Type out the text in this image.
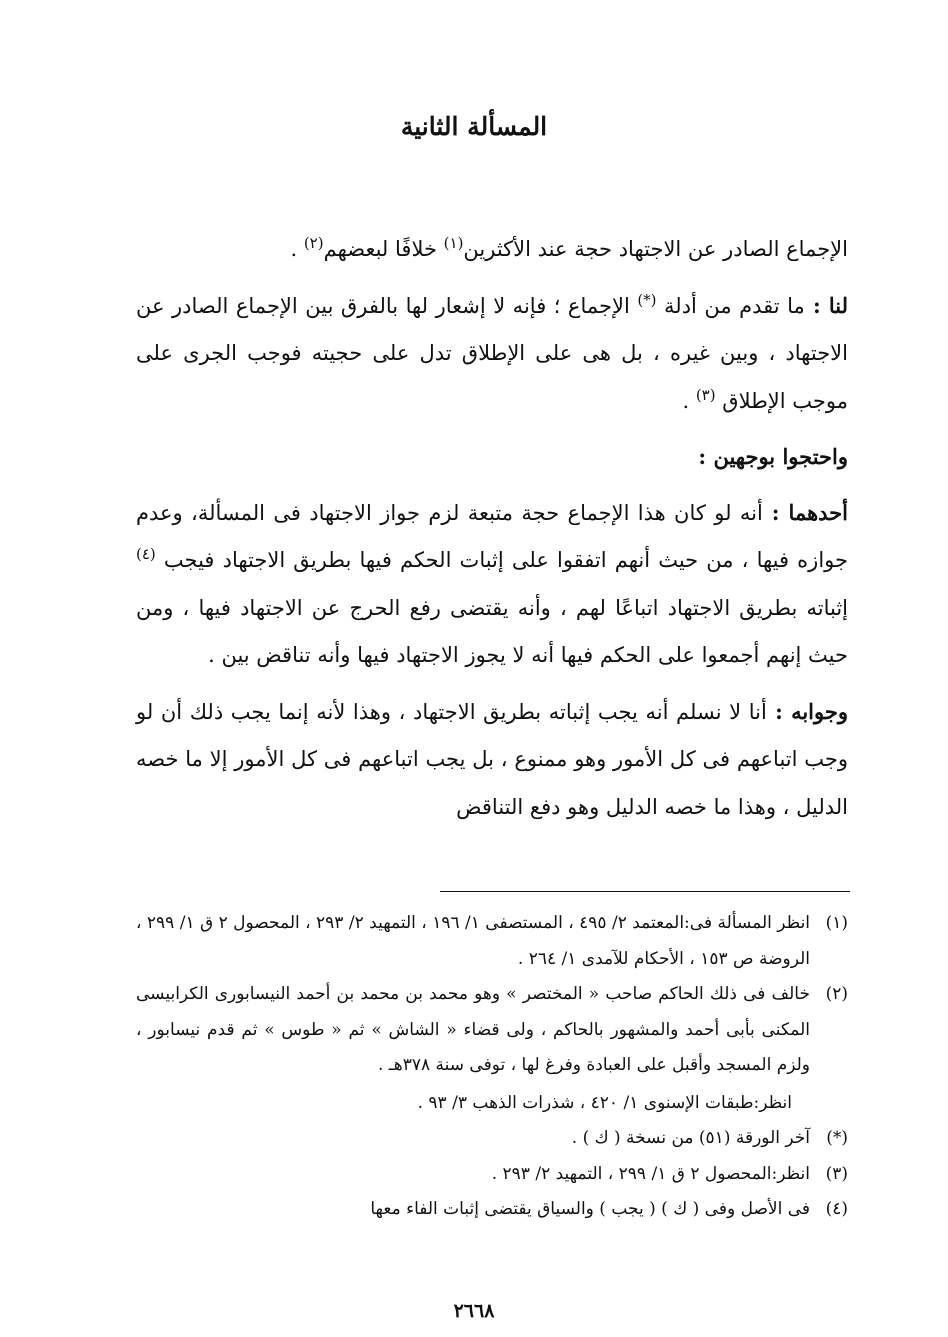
المسألة الثانية

الإجماع الصادر عن الاجتهاد حجة عند الأكثرين$^{(١)}$ خلافًا لبعضهم$^{(٢)}$ .

لنا : ما تقدم من أدلة (*) الإجماع ؛ فإنه لا إشعار لها بالفرق بين الإجماع الصادر عن الاجتهاد ، وبين غيره ، بل هى على الإطلاق تدل على حجيته فوجب الجرى على موجب الإطلاق $^{(٣)}$ .

واحتجوا بوجهين :

أحدهما : أنه لو كان هذا الإجماع حجة متبعة لزم جواز الاجتهاد فى المسألة، وعدم جوازه فيها ، من حيث أنهم اتفقوا على إثبات الحكم فيها بطريق الاجتهاد فيجب $^{(٤)}$ إثباته بطريق الاجتهاد اتباعًا لهم ، وأنه يقتضى رفع الحرج عن الاجتهاد فيها ، ومن حيث إنهم أجمعوا على الحكم فيها أنه لا يجوز الاجتهاد فيها وأنه تناقض بين .

وجوابه : أنا لا نسلم أنه يجب إثباته بطريق الاجتهاد ، وهذا لأنه إنما يجب ذلك أن لو وجب اتباعهم فى كل الأمور وهو ممنوع ، بل يجب اتباعهم فى كل الأمور إلا ما خصه الدليل ، وهذا ما خصه الدليل وهو دفع التناقض

(١)
انظر المسألة فى:المعتمد ٢/ ٤٩٥ ، المستصفى ١/ ١٩٦ ، التمهيد ٢/ ٢٩٣ ، المحصول ٢ ق ١/ ٢٩٩ ، الروضة ص ١٥٣ ، الأحكام للآمدى ١/ ٢٦٤ .
(٢)
خالف فى ذلك الحاكم صاحب « المختصر » وهو محمد بن محمد بن أحمد النيسابورى الكرابيسى المكنى بأبى أحمد والمشهور بالحاكم ، ولى قضاء « الشاش » ثم « طوس » ثم قدم نيسابور ، ولزم المسجد وأقبل على العبادة وفرغ لها ، توفى سنة ٣٧٨هـ .
انظر:طبقات الإسنوى ١/ ٤٢٠ ، شذرات الذهب ٣/ ٩٣ .
(*)
آخر الورقة (٥١) من نسخة ( ك ) .
(٣)
انظر:المحصول ٢ ق ١/ ٢٩٩ ، التمهيد ٢/ ٢٩٣ .
(٤)
فى الأصل وفى ( ك ) ( يجب ) والسياق يقتضى إثبات الفاء معها
٢٦٦٨
